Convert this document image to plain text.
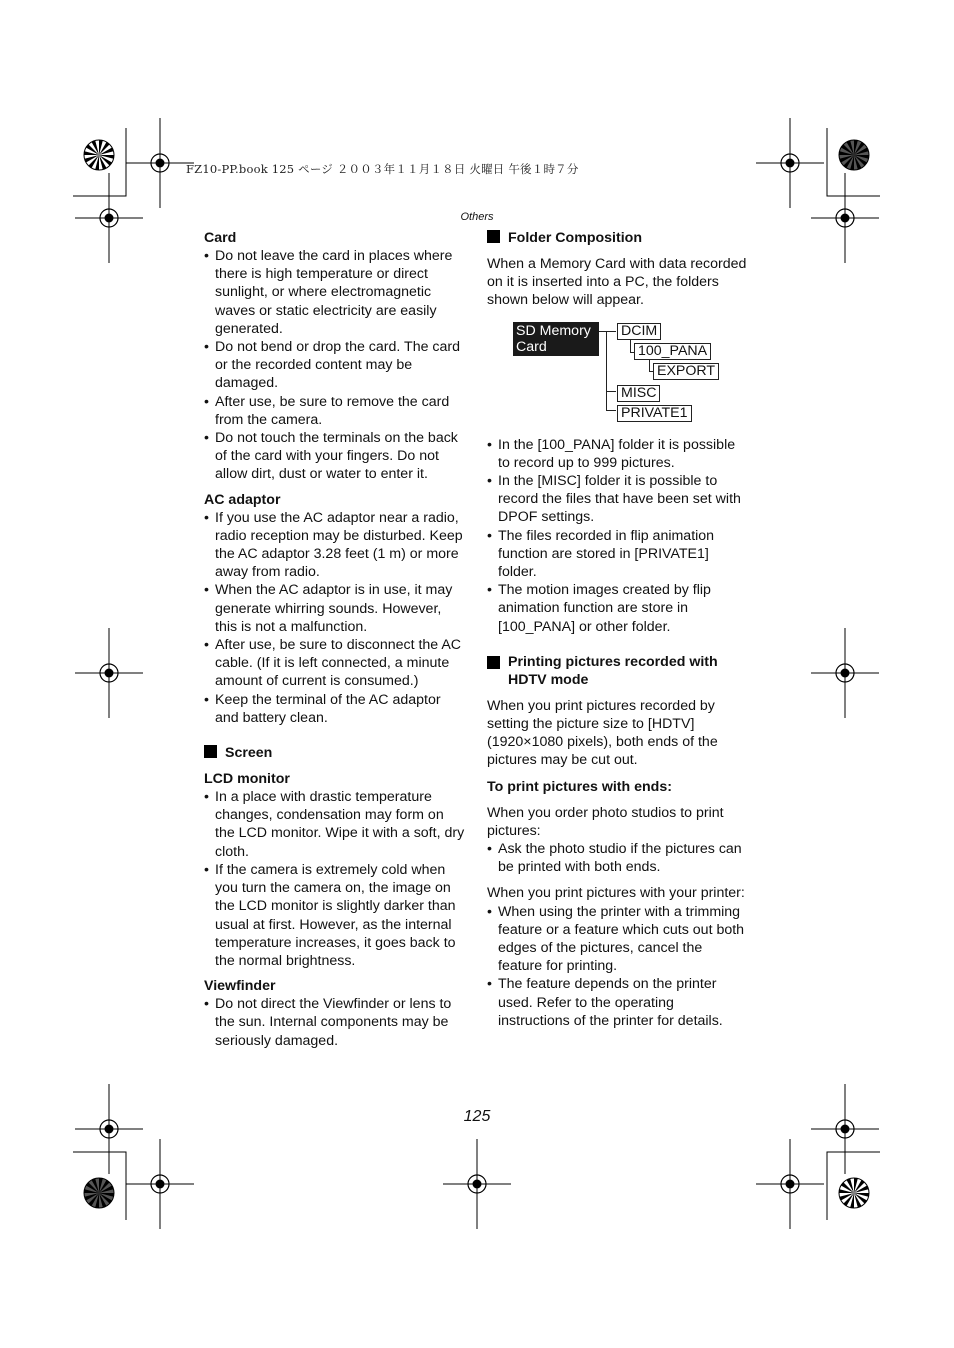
FZ10-PP.book 125 ページ ２００３年１１月１８日 火曜日 午後１時７分
Others
Card
• Do not leave the card in places where there is high temperature or direct sunlight, or where electromagnetic waves or static electricity are easily generated.
• Do not bend or drop the card. The card or the recorded content may be damaged.
• After use, be sure to remove the card from the camera.
• Do not touch the terminals on the back of the card with your fingers. Do not allow dirt, dust or water to enter it.
AC adaptor
• If you use the AC adaptor near a radio, radio reception may be disturbed. Keep the AC adaptor 3.28 feet (1 m) or more away from radio.
• When the AC adaptor is in use, it may generate whirring sounds. However, this is not a malfunction.
• After use, be sure to disconnect the AC cable. (If it is left connected, a minute amount of current is consumed.)
• Keep the terminal of the AC adaptor and battery clean.
Screen
LCD monitor
• In a place with drastic temperature changes, condensation may form on the LCD monitor. Wipe it with a soft, dry cloth.
• If the camera is extremely cold when you turn the camera on, the image on the LCD monitor is slightly darker than usual at first. However, as the internal temperature increases, it goes back to the normal brightness.
Viewfinder
• Do not direct the Viewfinder or lens to the sun. Internal components may be seriously damaged.
Folder Composition

When a Memory Card with data recorded on it is inserted into a PC, the folders shown below will appear.

SD Memory Card
DCIM
100_PANA
EXPORT
MISC
PRIVATE1
• In the [100_PANA] folder it is possible to record up to 999 pictures.
• In the [MISC] folder it is possible to record the files that have been set with DPOF settings.
• The files recorded in flip animation function are stored in [PRIVATE1] folder.
• The motion images created by flip animation function are store in [100_PANA] or other folder.
Printing pictures recorded with HDTV mode

When you print pictures recorded by setting the picture size to [HDTV] (1920×1080 pixels), both ends of the pictures may be cut out.

To print pictures with ends:

When you order photo studios to print pictures:

• Ask the photo studio if the pictures can be printed with both ends.

When you print pictures with your printer:

• When using the printer with a trimming feature or a feature which cuts out both edges of the pictures, cancel the feature for printing.
• The feature depends on the printer used. Refer to the operating instructions of the printer for details.
125
